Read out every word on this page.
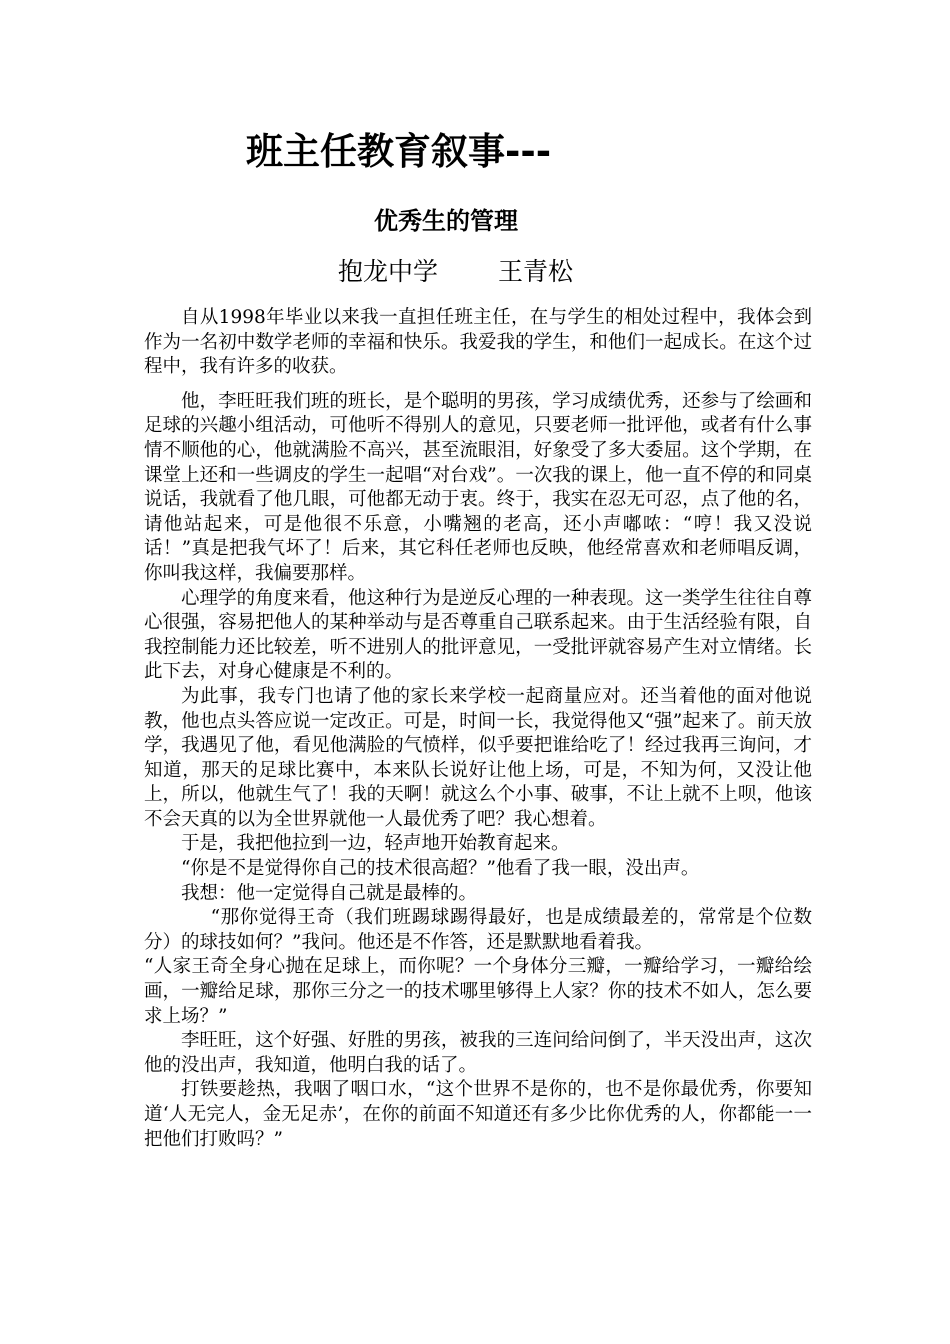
班主任教育叙事---
优秀生的管理
抱龙中学 王青松

自从1998年毕业以来我一直担任班主任，在与学生的相处过程中，我体会到作为一名初中数学老师的幸福和快乐。我爱我的学生，和他们一起成长。在这个过程中，我有许多的收获。

他，李旺旺我们班的班长，是个聪明的男孩，学习成绩优秀，还参与了绘画和足球的兴趣小组活动，可他听不得别人的意见，只要老师一批评他，或者有什么事情不顺他的心，他就满脸不高兴，甚至流眼泪，好象受了多大委屈。这个学期，在课堂上还和一些调皮的学生一起唱“对台戏”。一次我的课上，他一直不停的和同桌说话，我就看了他几眼，可他都无动于衷。终于，我实在忍无可忍，点了他的名，请他站起来，可是他很不乐意，小嘴翘的老高，还小声嘟哝：“哼！我又没说话！”真是把我气坏了！后来，其它科任老师也反映，他经常喜欢和老师唱反调，你叫我这样，我偏要那样。

心理学的角度来看，他这种行为是逆反心理的一种表现。这一类学生往往自尊心很强，容易把他人的某种举动与是否尊重自己联系起来。由于生活经验有限，自我控制能力还比较差，听不进别人的批评意见，一受批评就容易产生对立情绪。长此下去，对身心健康是不利的。

为此事，我专门也请了他的家长来学校一起商量应对。还当着他的面对他说教，他也点头答应说一定改正。可是，时间一长，我觉得他又“强”起来了。前天放学，我遇见了他，看见他满脸的气愤样，似乎要把谁给吃了！经过我再三询问，才知道，那天的足球比赛中，本来队长说好让他上场，可是，不知为何，又没让他上，所以，他就生气了！我的天啊！就这么个小事、破事，不让上就不上呗，他该不会天真的以为全世界就他一人最优秀了吧？我心想着。

于是，我把他拉到一边，轻声地开始教育起来。

“你是不是觉得你自己的技术很高超？”他看了我一眼，没出声。

我想：他一定觉得自己就是最棒的。

“那你觉得王奇（我们班踢球踢得最好，也是成绩最差的，常常是个位数分）的球技如何？”我问。他还是不作答，还是默默地看着我。

“人家王奇全身心抛在足球上，而你呢？一个身体分三瓣，一瓣给学习，一瓣给绘画，一瓣给足球，那你三分之一的技术哪里够得上人家？你的技术不如人，怎么要求上场？”

李旺旺，这个好强、好胜的男孩，被我的三连问给问倒了，半天没出声，这次他的没出声，我知道，他明白我的话了。

打铁要趁热，我咽了咽口水，“这个世界不是你的，也不是你最优秀，你要知道‘人无完人，金无足赤’，在你的前面不知道还有多少比你优秀的人，你都能一一把他们打败吗？”
